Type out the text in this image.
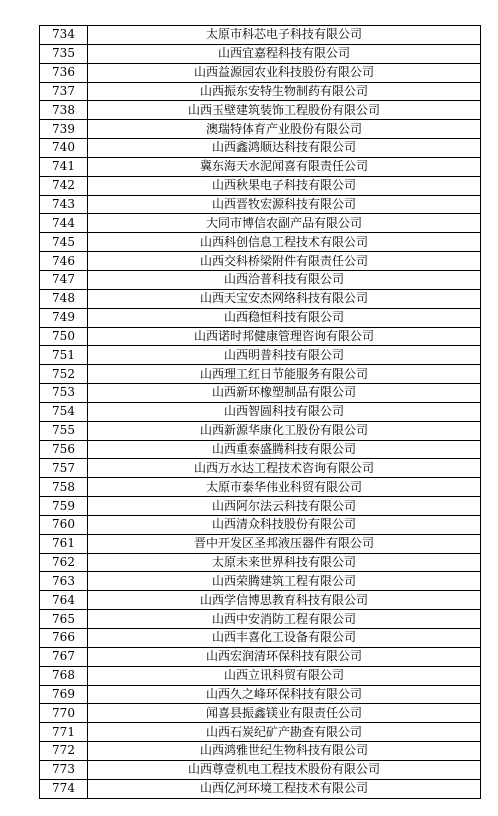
734	太原市科芯电子科技有限公司
735	山西宜嘉程科技有限公司
736	山西益源园农业科技股份有限公司
737	山西振东安特生物制药有限公司
738	山西玉壁建筑装饰工程股份有限公司
739	澳瑞特体育产业股份有限公司
740	山西鑫鸿顺达科技有限公司
741	冀东海天水泥闻喜有限责任公司
742	山西秋果电子科技有限公司
743	山西晋牧宏源科技有限公司
744	大同市博信农副产品有限公司
745	山西科创信息工程技术有限公司
746	山西交科桥梁附件有限责任公司
747	山西洽普科技有限公司
748	山西天宝安杰网络科技有限公司
749	山西稳恒科技有限公司
750	山西诺时邦健康管理咨询有限公司
751	山西明普科技有限公司
752	山西理工红日节能服务有限公司
753	山西新环橡塑制品有限公司
754	山西智圆科技有限公司
755	山西新源华康化工股份有限公司
756	山西重泰盛腾科技有限公司
757	山西万水达工程技术咨询有限公司
758	太原市泰华伟业科贸有限公司
759	山西阿尔法云科技有限公司
760	山西清众科技股份有限公司
761	晋中开发区圣邦液压器件有限公司
762	太原未来世界科技有限公司
763	山西荣腾建筑工程有限公司
764	山西学信博思教育科技有限公司
765	山西中安消防工程有限公司
766	山西丰喜化工设备有限公司
767	山西宏润清环保科技有限公司
768	山西立讯科贸有限公司
769	山西久之峰环保科技有限公司
770	闻喜县振鑫镁业有限责任公司
771	山西石炭纪矿产勘查有限公司
772	山西鸿雅世纪生物科技有限公司
773	山西尊壹机电工程技术股份有限公司
774	山西亿河环境工程技术有限公司
